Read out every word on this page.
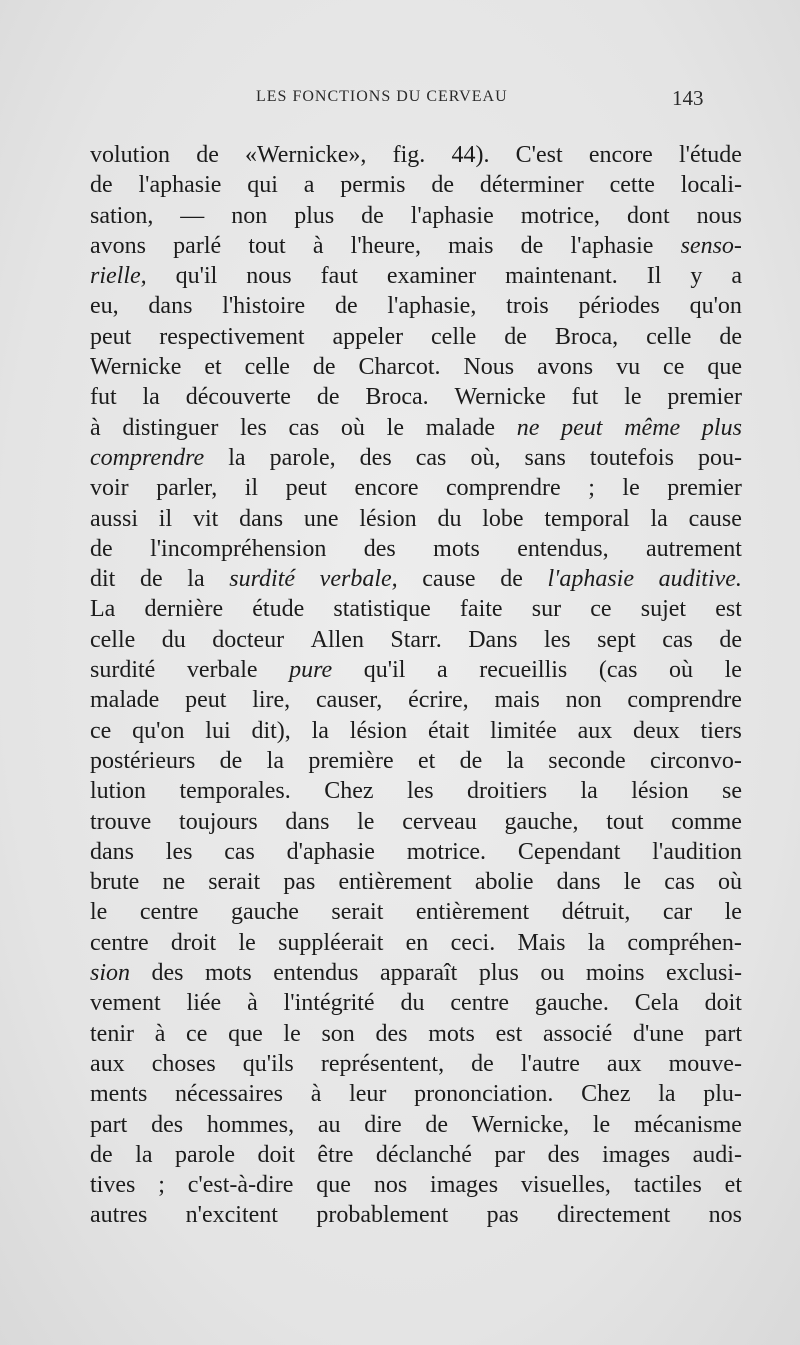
LES FONCTIONS DU CERVEAU	143
volution de «Wernicke», fig. 44). C'est encore l'étude
de l'aphasie qui a permis de déterminer cette locali-
sation, — non plus de l'aphasie motrice, dont nous
avons parlé tout à l'heure, mais de l'aphasie senso-
rielle, qu'il nous faut examiner maintenant. Il y a
eu, dans l'histoire de l'aphasie, trois périodes qu'on
peut respectivement appeler celle de Broca, celle de
Wernicke et celle de Charcot. Nous avons vu ce que
fut la découverte de Broca. Wernicke fut le premier
à distinguer les cas où le malade ne peut même plus
comprendre la parole, des cas où, sans toutefois pou-
voir parler, il peut encore comprendre ; le premier
aussi il vit dans une lésion du lobe temporal la cause
de l'incompréhension des mots entendus, autrement
dit de la surdité verbale, cause de l'aphasie auditive.
La dernière étude statistique faite sur ce sujet est
celle du docteur Allen Starr. Dans les sept cas de
surdité verbale pure qu'il a recueillis (cas où le
malade peut lire, causer, écrire, mais non comprendre
ce qu'on lui dit), la lésion était limitée aux deux tiers
postérieurs de la première et de la seconde circonvo-
lution temporales. Chez les droitiers la lésion se
trouve toujours dans le cerveau gauche, tout comme
dans les cas d'aphasie motrice. Cependant l'audition
brute ne serait pas entièrement abolie dans le cas où
le centre gauche serait entièrement détruit, car le
centre droit le suppléerait en ceci. Mais la compréhen-
sion des mots entendus apparaît plus ou moins exclusi-
vement liée à l'intégrité du centre gauche. Cela doit
tenir à ce que le son des mots est associé d'une part
aux choses qu'ils représentent, de l'autre aux mouve-
ments nécessaires à leur prononciation. Chez la plu-
part des hommes, au dire de Wernicke, le mécanisme
de la parole doit être déclanché par des images audi-
tives ; c'est-à-dire que nos images visuelles, tactiles et
autres n'excitent probablement pas directement nos
